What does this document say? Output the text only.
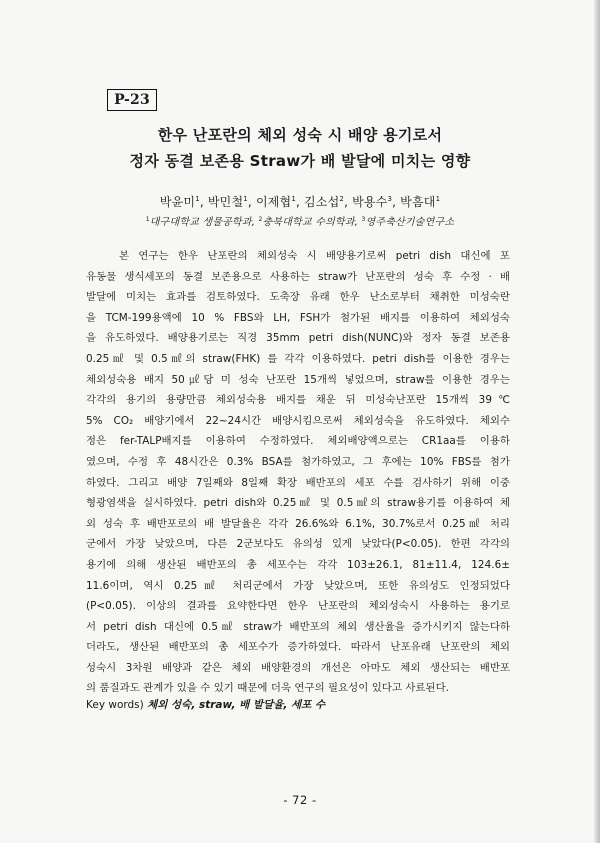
P-23
한우 난포란의 체외 성숙 시 배양 용기로서
정자 동결 보존용 Straw가 배 발달에 미치는 영향
박윤미$^1$, 박민철$^1$, 이제협$^1$, 김소섭$^2$, 박용수$^3$, 박흠대$^1$
$^1$대구대학교 생물공학과, $^2$충북대학교 수의학과, $^3$영주축산기술연구소
본 연구는 한우 난포란의 체외성숙 시 배양용기로써 petri dish 대신에 포
유동물 생식세포의 동결 보존용으로 사용하는 straw가 난포란의 성숙 후 수정 · 배
발달에 미치는 효과를 검토하였다. 도축장 유래 한우 난소로부터 채취한 미성숙란
을 TCM-199용액에 10 % FBS와 LH, FSH가 첨가된 배지를 이용하여 체외성숙
을 유도하였다. 배양용기로는 직경 35mm petri dish(NUNC)와 정자 동결 보존용
0.25㎖ 및 0.5㎖의 straw(FHK) 를 각각 이용하였다. petri dish를 이용한 경우는
체외성숙용 배지 50㎕당 미 성숙 난포란 15개씩 넣었으며, straw를 이용한 경우는
각각의 용기의 용량만큼 체외성숙용 배지를 채운 뒤 미성숙난포란 15개씩 39℃
5% CO₂ 배양기에서 22~24시간 배양시킴으로써 체외성숙을 유도하였다. 체외수
정은 fer-TALP배지를 이용하여 수정하였다. 체외배양액으로는 CR1aa를 이용하
였으며, 수정 후 48시간은 0.3% BSA를 첨가하였고, 그 후에는 10% FBS를 첨가
하였다. 그리고 배양 7일째와 8일째 확장 배반포의 세포 수를 검사하기 위해 이중
형광염색을 실시하였다. petri dish와 0.25㎖ 및 0.5㎖의 straw용기를 이용하여 체
외 성숙 후 배반포로의 배 발달율은 각각 26.6%와 6.1%, 30.7%로서 0.25㎖ 처리
군에서 가장 낮았으며, 다른 2군보다도 유의성 있게 낮았다(P<0.05). 한편 각각의
용기에 의해 생산된 배반포의 총 세포수는 각각 103±26.1, 81±11.4, 124.6±
11.6이며, 역시 0.25㎖ 처리군에서 가장 낮았으며, 또한 유의성도 인정되었다
(P<0.05). 이상의 결과를 요약한다면 한우 난포란의 체외성숙시 사용하는 용기로
서 petri dish 대신에 0.5㎖ straw가 배반포의 체외 생산율을 증가시키지 않는다하
더라도, 생산된 배반포의 총 세포수가 증가하였다. 따라서 난포유래 난포란의 체외
성숙시 3차원 배양과 같은 체외 배양환경의 개선은 아마도 체외 생산되는 배반포
의 품질과도 관계가 있을 수 있기 때문에 더욱 연구의 필요성이 있다고 사료된다.
Key words) 체외 성숙, straw, 배 발달율, 세포 수
- 72 -
